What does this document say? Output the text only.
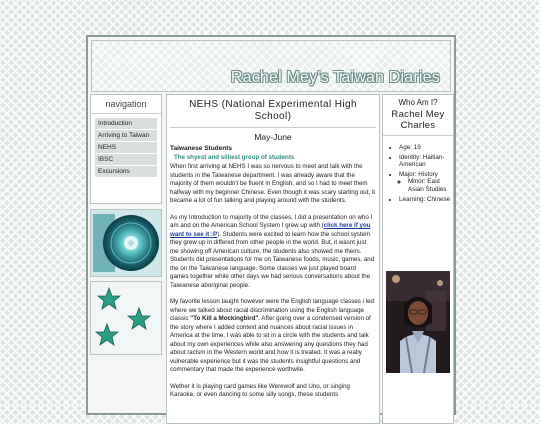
Rachel Mey's Taiwan Diaries
navigation
Introduction
Arriving to Taiwan
NEHS
IBSC
Excursions
NEHS (National Experimental High School)
May-June
Taiwanese Students
The shyest and silliest group of students

When first arriving at NEHS I was so nervous to meet and talk with the students in the Taiwanese department. I was already aware that the majority of them wouldn't be fluent in English, and so I had to meet them halfway with my beginner Chinese. Even though it was scary starting out, it became a lot of fun talking and playing around with the students.

As my Introduction to majority of the classes, I did a presentation on who I am and on the American School System I grew up with (click here if you want to see it :P). Students were excited to learn how the school system they grew up in differed from other people in the world. But, it wasnt just me showing off American culture, the students also showed me theirs. Students did presentations for me on Taiwanese foods, music, games, and the on the Taiwanese language. Some classes we just played board games together while other days we had serious conversations about the Taiwanese aboriginal people.

My favorite lesson taught however were the English language classes i led where we talked about racial discrimination using the English language classic "To Kill a Mockingbird". After going over a condensed version of the story where I added context and nuances about racial issues in America at the time, I was able to sit in a circle with the students and talk about my own experiences while also answering any questions they had about racism in the Western world and how it is treated. It was a really vulnerable experience but it was the students insightful questions and commentary that made the experience worthwile.

Wether it is playing card games like Werewolf and Uno, or singing Karaoke, or even dancing to some silly songs, these students

Who Am I?
Rachel Mey Charles
• Age: 19
• Identity: Haitian-American
• Major: History
◦ Minor: East Asian Studies
• Learning: Chinese
